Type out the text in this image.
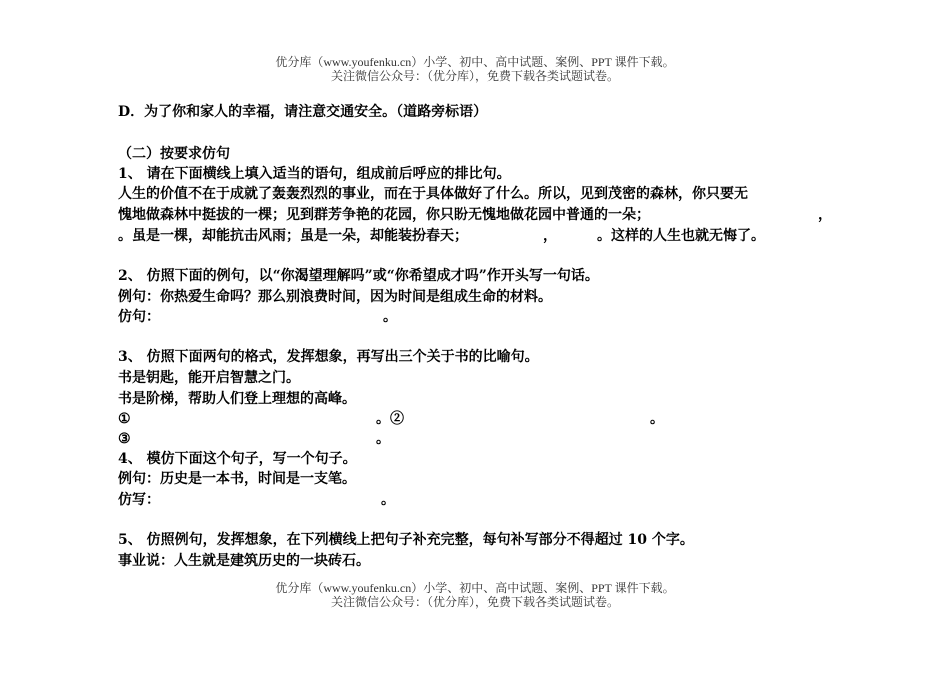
优分库（www.youfenku.cn）小学、初中、高中试题、案例、PPT 课件下载。
关注微信公众号：（优分库），免费下载各类试题试卷。
D．为了你和家人的幸福，请注意交通安全。（道路旁标语）
（二）按要求仿句
1、 请在下面横线上填入适当的语句，组成前后呼应的排比句。
人生的价值不在于成就了轰轰烈烈的事业，而在于具体做好了什么。所以，见到茂密的森林，你只要无
愧地做森林中挺拔的一棵；见到群芳争艳的花园，你只盼无愧地做花园中普通的一朵；	，
。虽是一棵，却能抗击风雨；虽是一朵，却能装扮春天；	，	。这样的人生也就无悔了。
2、 仿照下面的例句，以“你渴望理解吗”或“你希望成才吗”作开头写一句话。
例句：你热爱生命吗？那么别浪费时间，因为时间是组成生命的材料。
仿句：	。
3、 仿照下面两句的格式，发挥想象，再写出三个关于书的比喻句。
书是钥匙，能开启智慧之门。
书是阶梯，帮助人们登上理想的高峰。
①	。②	。
③	。
4、 模仿下面这个句子，写一个句子。
例句：历史是一本书，时间是一支笔。
仿写：	。
5、 仿照例句，发挥想象，在下列横线上把句子补充完整，每句补写部分不得超过 10 个字。
事业说：人生就是建筑历史的一块砖石。
优分库（www.youfenku.cn）小学、初中、高中试题、案例、PPT 课件下载。
关注微信公众号：（优分库），免费下载各类试题试卷。
